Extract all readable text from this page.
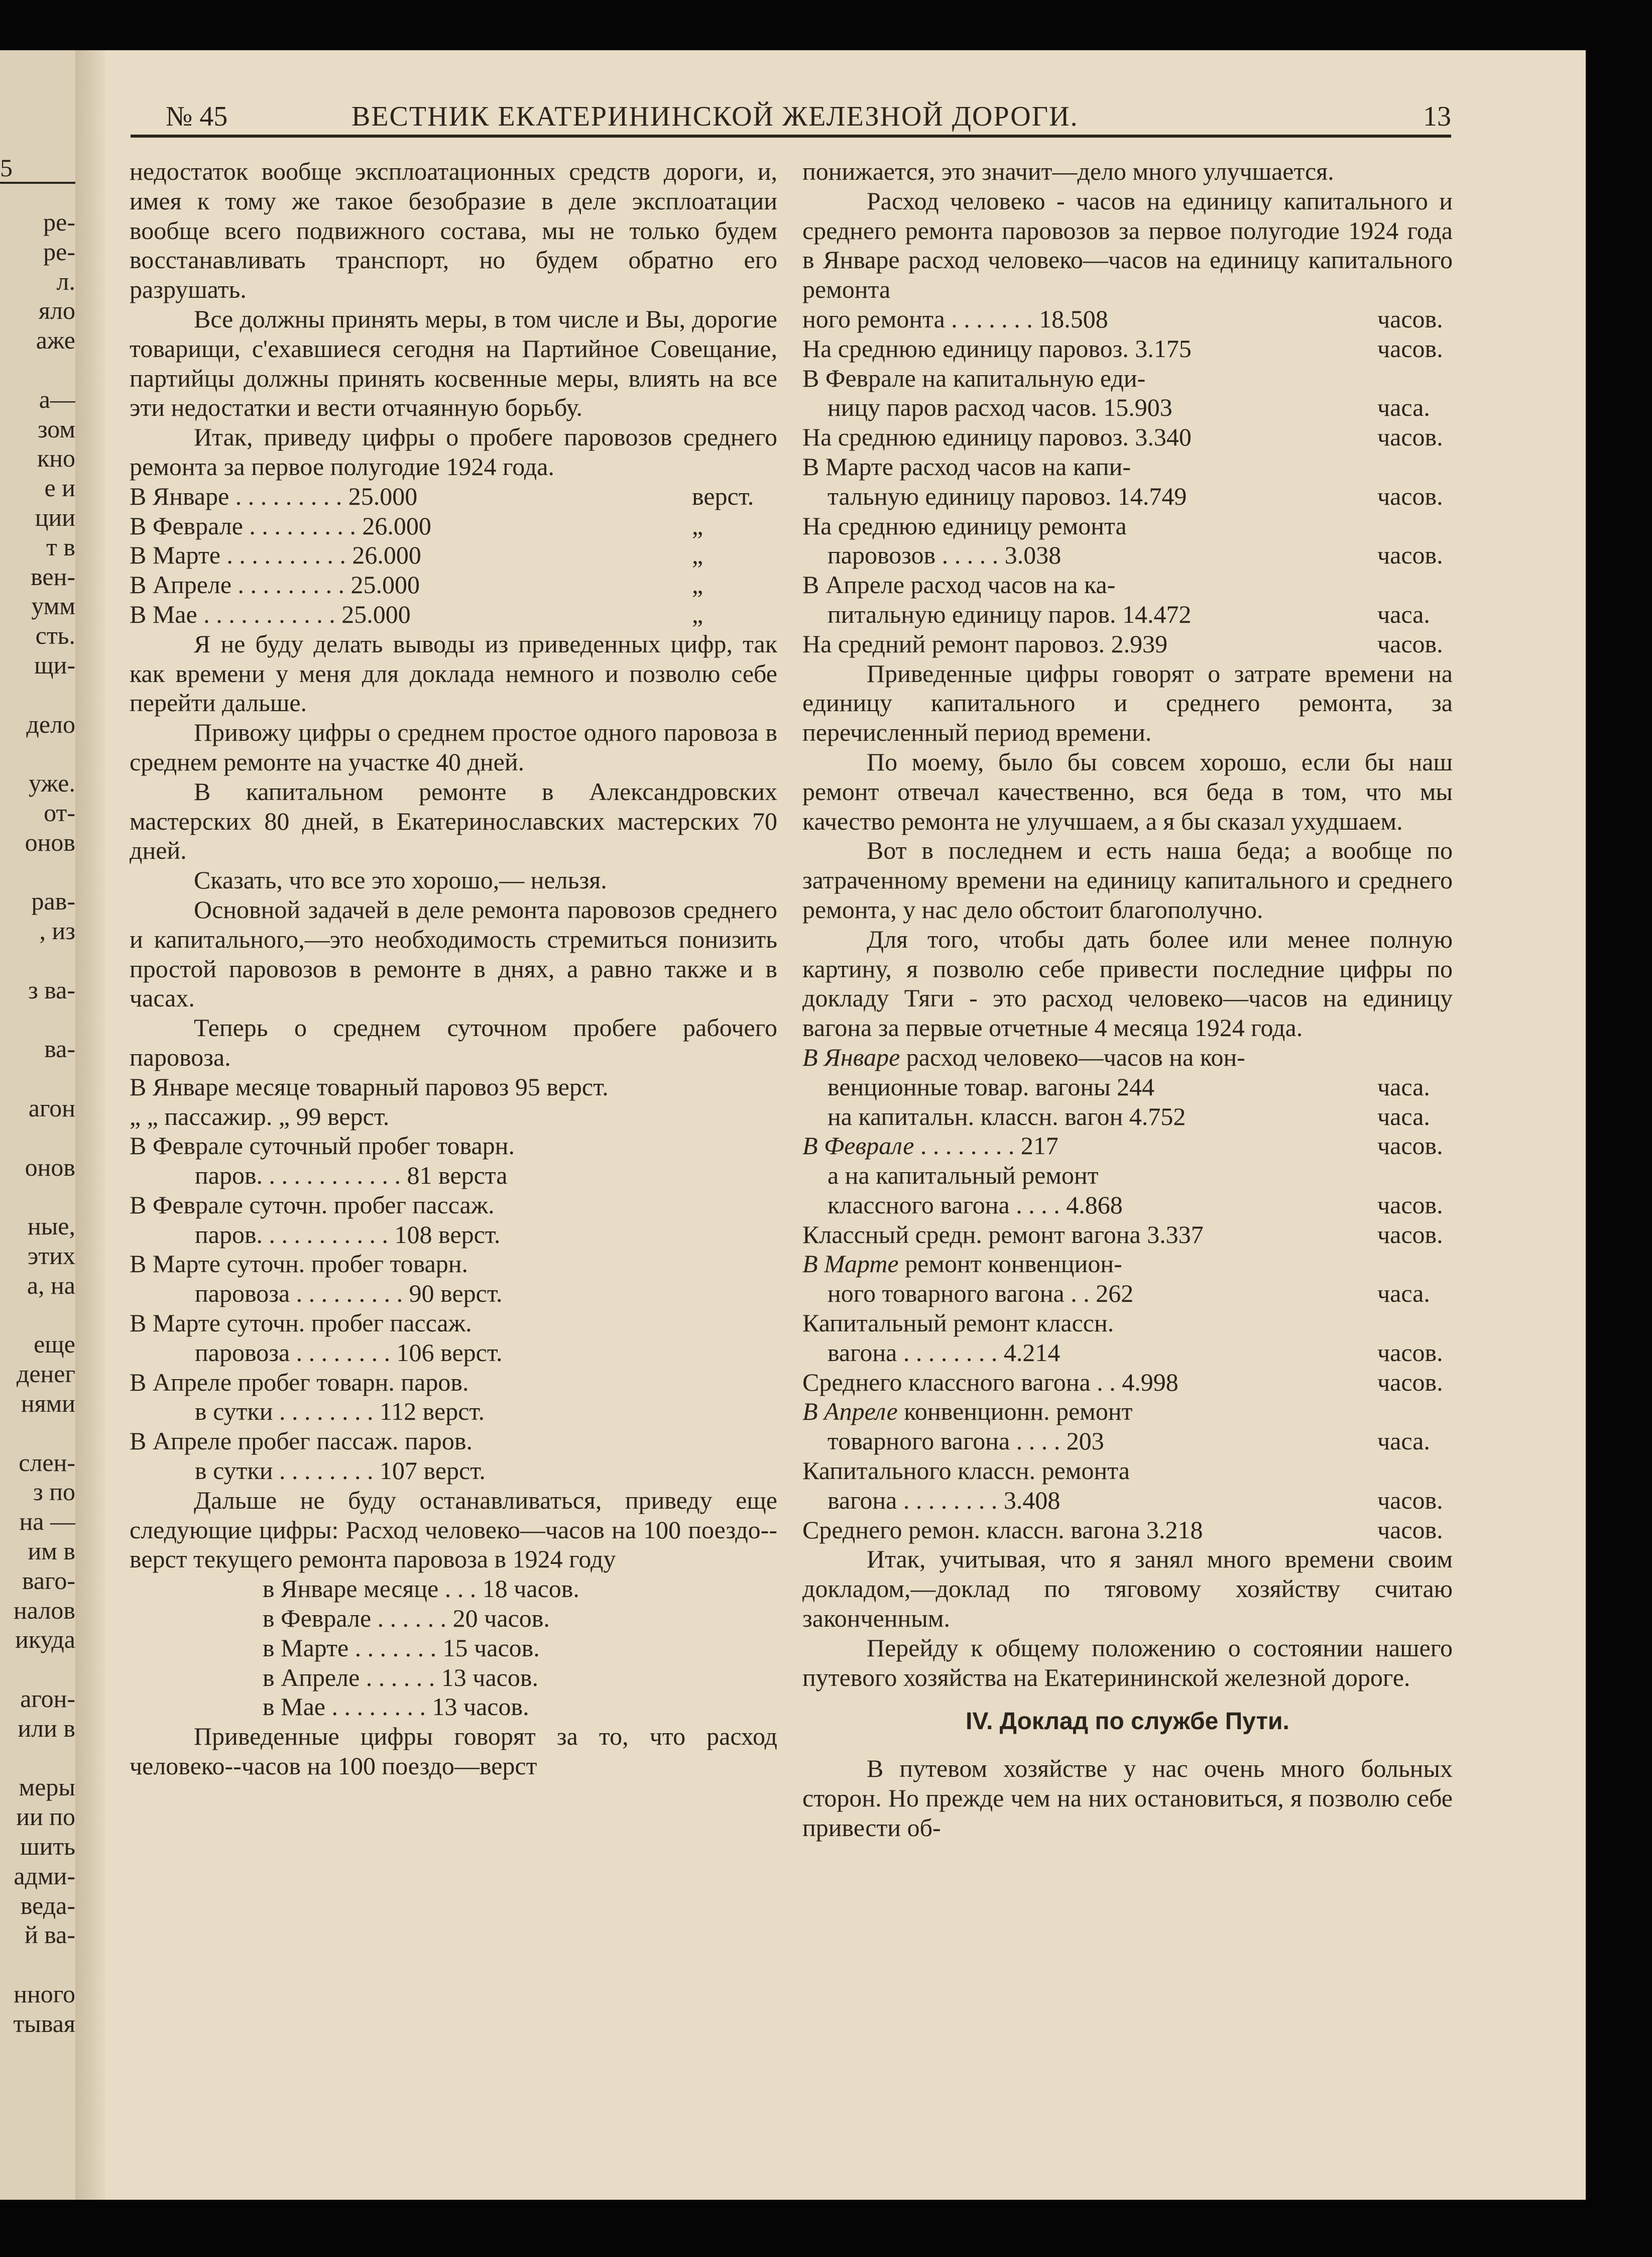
5
ре-
ре-
л.
яло
аже
а—
зом
кно
е и
ции
т в
вен-
умм
сть.
щи-
дело
уже.
от-
онов
рав-
, из
з ва-
ва-
агон
онов
ные,
этих
а, на
еще
денег
нями
слен-
з по
на —
им в
ваго-
налов
икуда
агон-
или в
меры
ии по
шить
адми-
веда-
й ва-
нного
тывая
№ 45	ВЕСТНИК ЕКАТЕРИНИНСКОЙ ЖЕЛЕЗНОЙ ДОРОГИ.	13

недостаток вообще эксплоатационных средств дороги, и, имея к тому же такое безобразие в деле эксплоатации вообще всего подвижного состава, мы не только будем восстанавливать транспорт, но будем обратно его разрушать.

Все должны принять меры, в том числе и Вы, дорогие товарищи, с'ехавшиеся сегодня на Партийное Совещание, партийцы должны принять косвенные меры, влиять на все эти недостатки и вести отчаянную борьбу.

Итак, приведу цифры о пробеге паровозов среднего ремонта за первое полугодие 1924 года.

В Январе . . . . . . . . . 25.000	верст.
В Феврале . . . . . . . . . 26.000	„
В Марте . . . . . . . . . . 26.000	„
В Апреле . . . . . . . . . 25.000	„
В Мае . . . . . . . . . . . 25.000	„

Я не буду делать выводы из приведенных цифр, так как времени у меня для доклада немного и позволю себе перейти дальше.

Привожу цифры о среднем простое одного паровоза в среднем ремонте на участке 40 дней.

В капитальном ремонте в Александровских мастерских 80 дней, в Екатеринославских мастерских 70 дней.

Сказать, что все это хорошо,— нельзя.

Основной задачей в деле ремонта паровозов среднего и капитального,—это необходимость стремиться понизить простой паровозов в ремонте в днях, а равно также и в часах.

Теперь о среднем суточном пробеге рабочего паровоза.

В Январе месяце товарный паровоз 95 верст.
„ „ пассажир. „ 99 верст.
В Феврале суточный пробег товарн.
паров. . . . . . . . . . . . 81 верста
В Феврале суточн. пробег пассаж.
паров. . . . . . . . . . . 108 верст.
В Марте суточн. пробег товарн.
паровоза . . . . . . . . . 90 верст.
В Марте суточн. пробег пассаж.
паровоза . . . . . . . . 106 верст.
В Апреле пробег товарн. паров.
в сутки . . . . . . . . 112 верст.
В Апреле пробег пассаж. паров.
в сутки . . . . . . . . 107 верст.

Дальше не буду останавливаться, приведу еще следующие цифры: Расход человеко—часов на 100 поездо--верст текущего ремонта паровоза в 1924 году

в Январе месяце . . . 18 часов.
в Феврале . . . . . . 20 часов.
в Марте . . . . . . . 15 часов.
в Апреле . . . . . . 13 часов.
в Мае . . . . . . . . 13 часов.

Приведенные цифры говорят за то, что расход человеко--часов на 100 поездо—верст

понижается, это значит—дело много улучшается.

Расход человеко - часов на единицу капитального и среднего ремонта паровозов за первое полугодие 1924 года в Январе расход человеко—часов на единицу капитального ремонта

ного ремонта . . . . . . . 18.508	часов.
На среднюю единицу паровоз. 3.175	часов.
В Феврале на капитальную еди-
ницу паров расход часов. 15.903	часа.
На среднюю единицу паровоз. 3.340	часов.
В Марте расход часов на капи-
тальную единицу паровоз. 14.749	часов.
На среднюю единицу ремонта
паровозов . . . . . 3.038	часов.
В Апреле расход часов на ка-
питальную единицу паров. 14.472	часа.
На средний ремонт паровоз. 2.939	часов.

Приведенные цифры говорят о затрате времени на единицу капитального и среднего ремонта, за перечисленный период времени.

По моему, было бы совсем хорошо, если бы наш ремонт отвечал качественно, вся беда в том, что мы качество ремонта не улучшаем, а я бы сказал ухудшаем.

Вот в последнем и есть наша беда; а вообще по затраченному времени на единицу капитального и среднего ремонта, у нас дело обстоит благополучно.

Для того, чтобы дать более или менее полную картину, я позволю себе привести последние цифры по докладу Тяги - это расход человеко—часов на единицу вагона за первые отчетные 4 месяца 1924 года.

В Январе расход человеко—часов на кон-
венционные товар. вагоны 244	часа.
на капитальн. классн. вагон 4.752	часа.
В Феврале . . . . . . . . 217	часов.
а на капитальный ремонт
классного вагона . . . . 4.868	часов.
Классный средн. ремонт вагона 3.337	часов.
В Марте ремонт конвенцион-
ного товарного вагона . . 262	часа.
Капитальный ремонт классн.
вагона . . . . . . . . 4.214	часов.
Среднего классного вагона . . 4.998	часов.
В Апреле конвенционн. ремонт
товарного вагона . . . . 203	часа.
Капитального классн. ремонта
вагона . . . . . . . . 3.408	часов.
Среднего ремон. классн. вагона 3.218	часов.

Итак, учитывая, что я занял много времени своим докладом,—доклад по тяговому хозяйству считаю законченным.

Перейду к общему положению о состоянии нашего путевого хозяйства на Екатерининской железной дороге.

IV. Доклад по службе Пути.

В путевом хозяйстве у нас очень много больных сторон. Но прежде чем на них остановиться, я позволю себе привести об-
